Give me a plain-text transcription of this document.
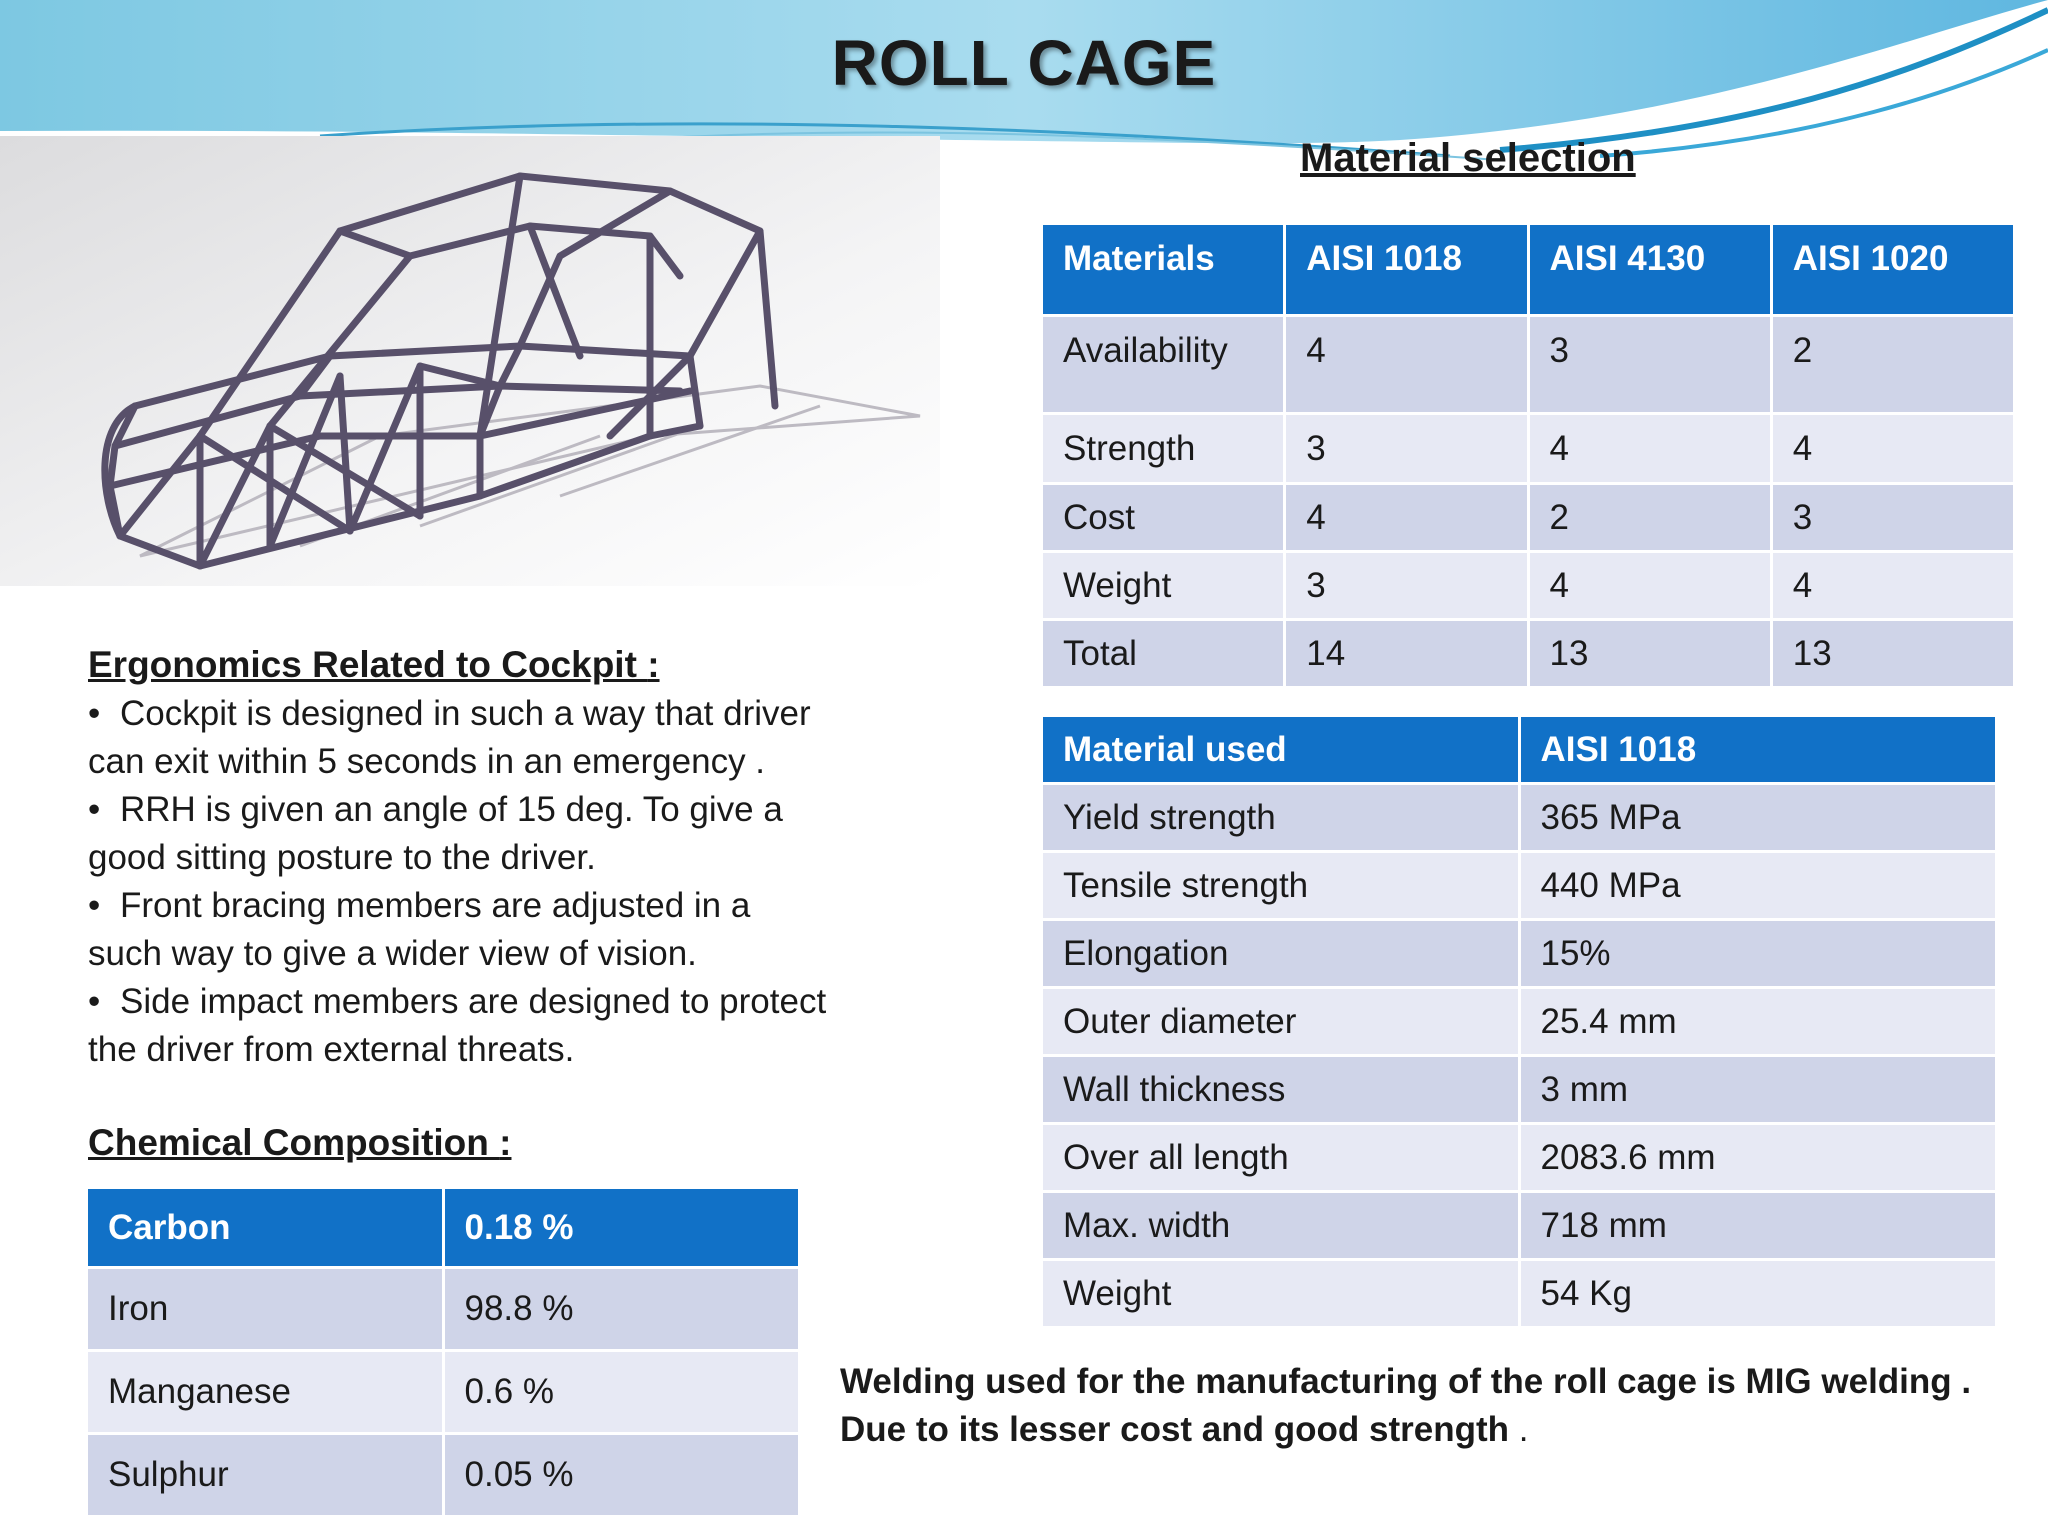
ROLL CAGE
Material selection
Materials	AISI 1018	AISI 4130	AISI 1020
Availability	4	3	2
Strength	3	4	4
Cost	4	2	3
Weight	3	4	4
Total	14	13	13
Ergonomics Related to Cockpit :
• Cockpit is designed in such a way that driver can exit within 5 seconds in an emergency .
• RRH is given an angle of 15 deg. To give a good sitting posture to the driver.
• Front bracing members are adjusted in a such way to give a wider view of vision.
• Side impact members are designed to protect the driver from external threats.
Chemical Composition :
Carbon	0.18 %
Iron	98.8 %
Manganese	0.6 %
Sulphur	0.05 %
Material used	AISI 1018
Yield strength	365 MPa
Tensile strength	440 MPa
Elongation	15%
Outer diameter	25.4 mm
Wall thickness	3 mm
Over all length	2083.6 mm
Max. width	718 mm
Weight	54 Kg
Welding used for the manufacturing of the roll cage is MIG welding .
Due to its lesser cost and good strength .
